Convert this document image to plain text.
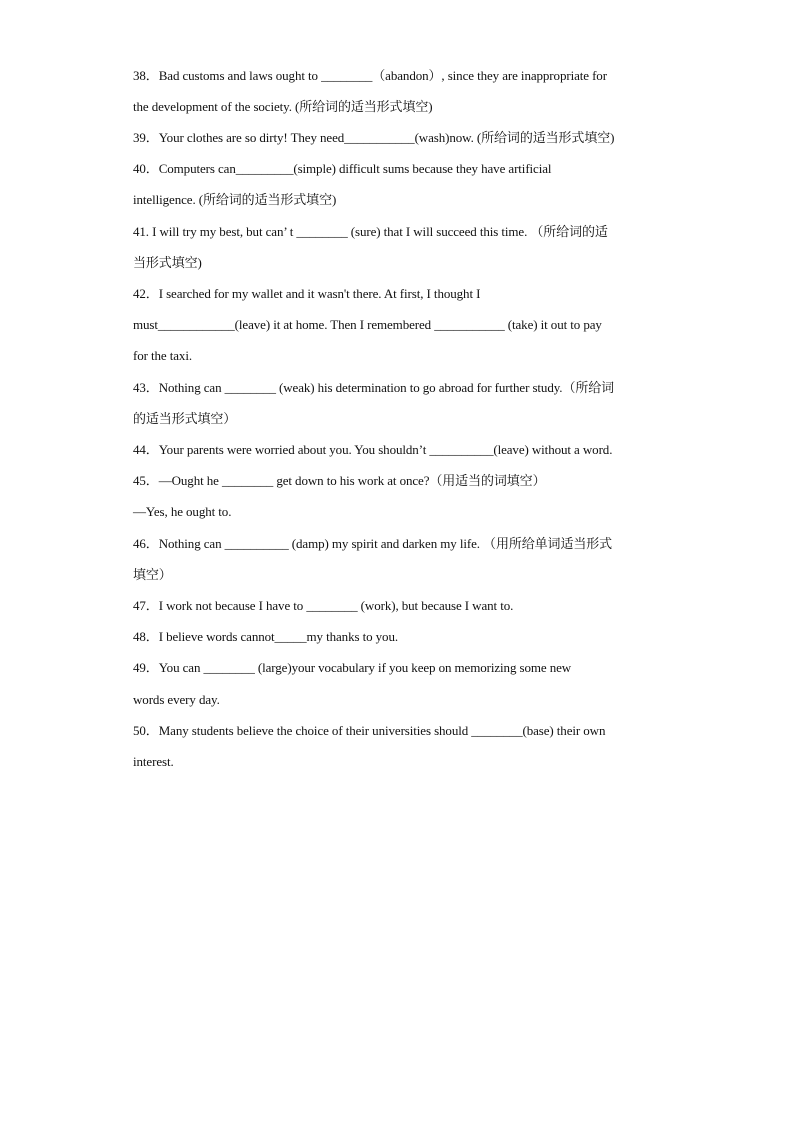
38．Bad customs and laws ought to ________（abandon）, since they are inappropriate for
the development of the society. (所给词的适当形式填空)
39．Your clothes are so dirty! They need___________(wash)now. (所给词的适当形式填空)
40．Computers can_________(simple) difficult sums because they have artificial
intelligence. (所给词的适当形式填空)
41. I will try my best, but can’ t ________ (sure) that I will succeed this time. （所给词的适
当形式填空)
42．I searched for my wallet and it wasn't there. At first, I thought I
must____________(leave) it at home. Then I remembered ___________ (take) it out to pay
for the taxi.
43．Nothing can ________ (weak) his determination to go abroad for further study.（所给词
的适当形式填空）
44．Your parents were worried about you. You shouldn’t __________(leave) without a word.
45．—Ought he ________ get down to his work at once?（用适当的词填空）
—Yes, he ought to.
46．Nothing can __________ (damp) my spirit and darken my life. （用所给单词适当形式
填空）
47．I work not because I have to ________ (work), but because I want to.
48．I believe words cannot_____my thanks to you.
49．You can ________ (large)your vocabulary if you keep on memorizing some new
words every day.
50．Many students believe the choice of their universities should ________(base) their own
interest.
